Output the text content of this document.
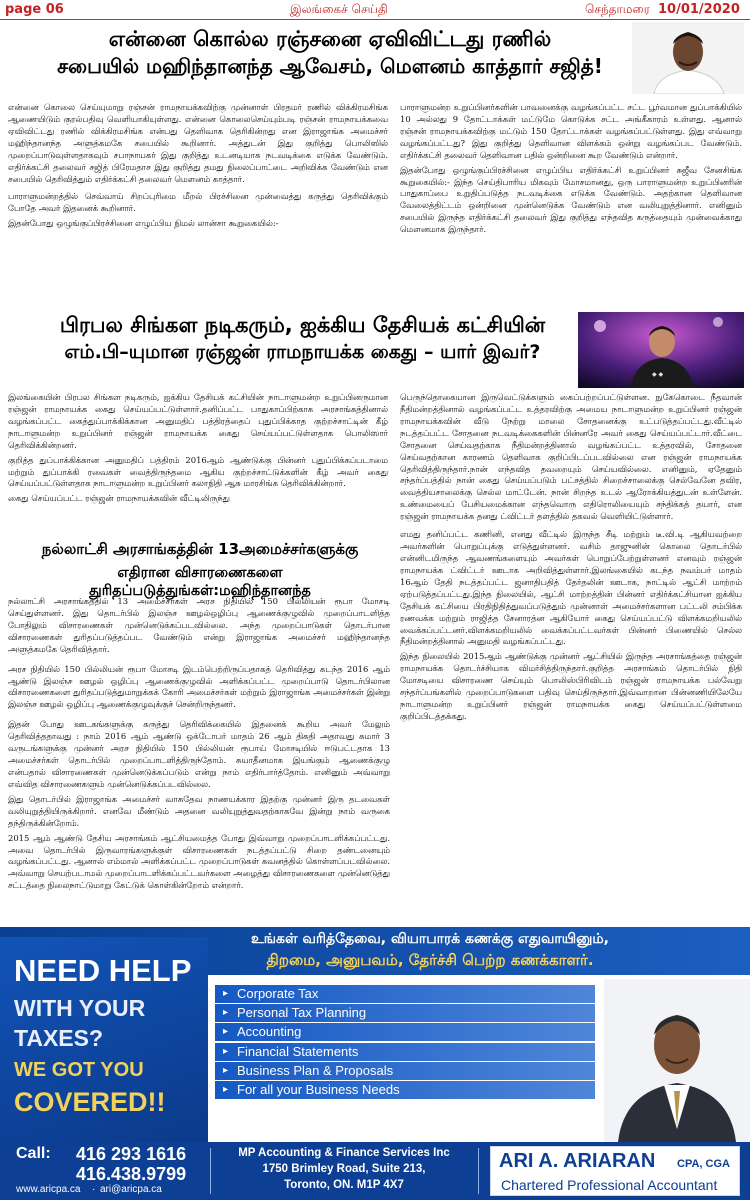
page 06	இலங்கைச் செய்தி	செந்தாமரை 10/01/2020
என்னை கொல்ல ரஞ்சனை ஏவிவிட்டது ரணில்
சபையில் மஹிந்தானந்த ஆவேசம், மௌனம் காத்தார் சஜித்!

என்னை கொலை செய்யுமாறு ரஞ்சன் ராமநாயக்கவிற்கு முன்னாள் பிரதமர் ரணில் விக்கிரமசிங்க ஆணையிடும் குரல்பதிவு வெளியாகியுள்ளது. என்னை கொலைசெய்யும்படி ரஞ்சன் ராமநாயக்கவை ஏவிவிட்டது ரணில் விக்கிரமசிங்க என்பது தெளிவாக தெரிகின்றது என இராஜாங்க அமைச்சர் மஹிந்தானந்த அளுத்கமகே சபையில் கூறினார். அத்துடன் இது குறித்து பொலிஸில் முறைப்பாடுவுள்ளதாகவும் சபாநாயகர் இது குறித்து உடனடியாக நடவடிக்கை எடுக்க வேண்டும். எதிர்க்கட்சி தலைவர் சஜித் பிரேமதாச இது குறித்து தமது நிலைப்பாட்டை அறிவிக்க வேண்டும் என சபையில் தெரிவித்தும் எதிர்க்கட்சி தலைவர் மௌனம் காத்தார்.

பாராளுமன்றத்தில் செவ்வாய் சிறப்புரிமை மீறல் பிரச்சினை முன்வைத்து கருத்து தெரிவிக்கும் போதே அவர் இதனைக் கூறினார்.

இதன்போது ஒழுங்குப்பிரச்சினை எழுப்பிய நிமல் லான்சா கூறுகையில்:-

பாராளுமன்ற உறுப்பினர்களின் பாவனைக்கு வழங்கப்பட்ட சட்ட பூர்வமான துப்பாக்கியில் 10 அல்லது 9 தோட்டாக்கள் மட்டுமே கொடுக்க சட்ட அங்கீகாரம் உள்ளது. ஆனால் ரஞ்சன் ராமநாயக்கவிற்கு மட்டும் 150 தோட்டாக்கள் வழங்கப்பட்டுள்ளது. இது எவ்வாறு வழங்கப்பட்டது? இது குறித்து தெளிவான விளக்கம் ஒன்று வழங்கப்பட வேண்டும். எதிர்க்கட்சி தலைவர் தெளிவான பதில் ஒன்றினை கூற வேண்டும் என்றார்.

இதன்போது ஒழுங்குப்பிரச்சினை எழுப்பிய எதிர்க்கட்சி உறுப்பினர் சுஜீவ சேனசிங்க கூறுகையில்:- இந்த செய்திபாரிய மிகவும் மோசமானது, ஒரு பாராளுமன்ற உறுப்பினரின் பாதுகாப்பை உறுதிப்படுத்த நடவடிக்கை எடுக்க வேண்டும். அதற்கான தெளிவான வேலைத்திட்டம் ஒன்றினை முன்னெடுக்க வேண்டும் என வலியுறுத்தினார். எனினும் சபையில் இருந்த எதிர்க்கட்சி தலைவர் இது குறித்து எந்தவித கருத்தையும் முன்வைக்காது மௌனமாக இருந்தார்.

பிரபல சிங்கள நடிகரும், ஐக்கிய தேசியக் கட்சியின்
எம்.பி–யுமான ரஞ்ஜன் ராமநாயக்க கைது – யார் இவர்?
◆ ◆

இலங்கையின் பிரபல சிங்கள நடிகரும், ஐக்கிய தேசியக் கட்சியின் நாடாளுமன்ற உறுப்பினருமான ரஞ்ஜன் ராமநாயக்க கைது செய்யப்பட்டுள்ளார்.தனிப்பட்ட பாதுகாப்பிற்காக அரசாங்கத்தினால் வழங்கப்பட்ட கைத்துப்பாக்கிக்கான அனுமதிப் பத்திரத்தைப் புதுப்பிக்காத குற்றச்சாட்டின் கீழ் நாடாளுமன்ற உறுப்பினர் ரஞ்ஜன் ராமநாயக்க கைது செய்யப்பட்டுள்ளதாக பொலிஸார் தெரிவிக்கின்றனர்.

குறித்த துப்பாக்கிக்கான அனுமதிப் பத்திரம் 2016ஆம் ஆண்டுக்கு பின்னர் புதுப்பிக்கப்படாமை மற்றும் துப்பாக்கி ரவைகள் வைத்திருந்தமை ஆகிய குற்றச்சாட்டுக்களின் கீழ் அவர் கைது செய்யப்பட்டுள்ளதாக நாடாளுமன்ற உறுப்பினர் கலாநிதி ஆசு மாரசிங்க தெரிவிக்கின்றார்.

கைது செய்யப்பட்ட ரஞ்ஜன் ராமநாயக்கவின் வீட்டிலிருந்து

பெருந்தொகையான இருவெட்டுக்களும் கைப்பற்றப்பட்டுள்ளன. நுகேகொடை நீதவான் நீதிமன்றத்தினால் வழங்கப்பட்ட உத்தரவிற்கு அமைய நாடாளுமன்ற உறுப்பினர் ரஞ்ஜன் ராமநாயக்கவின் வீடு நேற்று மாலை சோதனைக்கு உட்படுத்தப்பட்டது.வீட்டில் நடத்தப்பட்ட சோதனை நடவடிக்கைகளின் பின்னரே அவர் கைது செய்யப்பட்டார்.வீட்டை சோதனை செய்வதற்காக நீதிமன்றத்தினால் வழங்கப்பட்ட உத்தரவில், சோதனை செய்வதற்கான காரணம் தெளிவாக குறிப்பிடப்படவில்லை என ரஞ்ஜன் ராமநாயக்க தெரிவித்திருந்தார்.நான் எந்தவித தவறையும் செய்யவில்லை. எனினும், ஏதேனும் சந்தர்ப்பத்தில் நான் கைது செய்யப்படும் பட்சத்தில் சிறைச்சாலைக்கு செல்வேனே தவிர, வைத்தியசாலைக்கு செல்ல மாட்டேன். நான் சிறந்த உடல் ஆரோக்கியத்துடன் உள்ளேன். உண்மையைப் பேசியமைக்கான எந்தவொரு எதிரொலியையும் சந்திக்கத் தயார், என ரஞ்ஜன் ராமநாயக்க தனது ட்விட்டர் தளத்தில் தகவல் வெளியிட்டுள்ளார்.

எமது தனிப்பட்ட கணினி, எனது வீட்டில் இருந்த சீடி மற்றும் டீ.வி.டி ஆகியவற்றை அவர்களின் பொறுப்புக்கு எடுத்துள்ளனர். வசிம் தாஜுனின் கொலை தொடர்பில் என்னிடமிருந்த ஆவணங்களையும் அவர்கள் பொறுப்பேற்றுள்ளனர் எனவும் ரஞ்ஜன் ராமநாயக்க ட்விட்டர் ஊடாக அறிவித்துள்ளார்.இலங்கையில் கடந்த நவம்பர் மாதம் 16ஆம் தேதி நடத்தப்பட்ட ஜனாதிபதித் தேர்தலின் ஊடாக, நாட்டில் ஆட்சி மாற்றம் ஏற்படுத்தப்பட்டது.இந்த நிலையில், ஆட்சி மாற்றத்தின் பின்னர் எதிர்க்கட்சியான ஐக்கிய தேசியக் கட்சியை பிரதிநிதித்துவப்படுத்தும் முன்னாள் அமைச்சர்களான பட்டலி சம்பிக்க ரணவக்க மற்றும் ராஜித்த சேனாரத்ன ஆகியோர் கைது செய்யப்பட்டு விளக்கமறியலில் வைக்கப்பட்டனர்.விளக்கமறியலில் வைக்கப்பட்டவர்கள் பின்னர் பிணையில் செல்ல நீதிமன்றத்தினால் அனுமதி வழங்கப்பட்டது.

இந்த நிலையில் 2015ஆம் ஆண்டுக்கு முன்னர் ஆட்சியில் இருந்த அரசாங்கத்தை ரஞ்ஜன் ராமநாயக்க தொடர்ச்சியாக விமர்சித்திருந்தார்.குறித்த அரசாங்கம் தொடர்பில் நிதி மோசடியை விசாரணை செய்யும் பொலிஸ்பிரிவிடம் ரஞ்ஜன் ராமநாயக்க பல்வேறு சந்தர்ப்பங்களில் முறைப்பாடுகளை பதிவு செய்திருந்தார்.இவ்வாறான பின்னணியிலேயே நாடாளுமன்ற உறுப்பினர் ரஞ்ஜன் ராமநாயக்க கைது செய்யப்பட்டுள்ளமை குறிப்பிடத்தக்கது.

நல்லாட்சி அரசாங்கத்தின் 13அமைச்சர்களுக்கு
எதிரான விசாரணைகளை துரிதப்படுத்துங்கள்:மஹிந்தானந்த

நல்லாட்சி அரசாங்கத்தில் 13 அமைச்சர்கள் அரச நிதியில் 150 பில்லியன் ரூபா மோசடி செய்துள்ளனர். இது தொடர்பில் இலஞ்ச ஊழல்ஒழிப்பு ஆணைக்குழுவில் முறைப்பாடளித்த போதிலும் விசாரணைகள் முன்னெடுக்கப்படவில்லை. அந்த முறைப்பாடுகள் தொடர்பான விசாரணைகள் துரிதப்படுத்தப்பட வேண்டும் என்று இராஜாங்க அமைச்சர் மஹிந்தானந்த அளுத்கமகே தெரிவித்தார்.

அரச நிதியில் 150 பில்லியன் ரூபா மோசடி இடம்பெற்றிருப்பதாகத் தெரிவித்து கடந்த 2016 ஆம் ஆண்டு இலஞ்ச ஊழல் ஒழிப்பு ஆணைக்குழுவில் அளிக்கப்பட்ட முறைப்பாடு தொடர்பிலான விசாரணைகளை துரிதப்படுத்துமாறுக்கக் கோரி அமைச்சர்கள் மற்றும் இராஜாங்க அமைச்சர்கள் இன்று இலஞ்ச ஊழல் ஒழிப்பு ஆணைக்குழுவுக்குச் சென்றிருந்தனர்.

இதன் போது ஊடகங்களுக்கு கருத்து தெரிவிக்கையில் இதனைக் கூறிய அவர் மேலும் தெரிவித்ததாவது : நாம் 2016 ஆம் ஆண்டு ஒக்டோபர் மாதம் 26 ஆம் திகதி அதாவது சுமார் 3 வருடங்களுக்கு முன்னர் அரச நிதியில் 150 பில்லியன் ரூபாய் மோசடியில் ஈடுபட்டதாக 13 அமைச்சர்கள் தொடர்பில் முறைப்பாடளித்திருந்தோம். சுயாதீனமாக இயங்கும் ஆணைக்குழு என்பதால் விசாரணைகள் முன்னெடுக்கப்படும் என்று நாம் எதிர்பார்த்தோம். எனினும் அவ்வாறு எவ்வித விசாரணைகளும் முன்னெடுக்கப்படவில்லை.

இது தொடர்பில் இராஜாங்க அமைச்சர் வாசுதேவ நாணயக்கார இதற்கு முன்னர் இரு தடவைகள் வலியுறுத்தியிருக்கிறார். எனவே மீண்டும் அதனை வலியுறுத்துவதற்காகவே இன்று நாம் வருகை தந்திருக்கின்றோம்.

2015 ஆம் ஆண்டு தேசிய அரசாங்கம் ஆட்சியமைத்த போது இவ்வாறு முறைப்பாடளிக்கப்பட்டது. அவை தொடர்பில் இருவாரங்களுக்குள் விசாரணைகள் நடத்தப்பட்டு சிறை தண்டனையும் வழங்கப்பட்டது. ஆனால் எம்மால் அளிக்கப்பட்ட முறைப்பாடுகள் கவனத்தில் கொள்ளப்படவில்லை. அவ்வாறு செயற்படாமல் முறைப்பாடளிக்கப்பட்டவர்களை அழைத்து விசாரணைகளை முன்னெடுத்து சட்டத்தை நிலைநாட்டுமாறு கேட்டுக் கொள்கின்றோம் என்றார்.

உங்கள் வரித்தேவை, வியாபாரக் கணக்கு எதுவாயினும்,
திறமை, அனுபவம், தேர்ச்சி பெற்ற கணக்காளர்.
NEED HELP
WITH YOUR
TAXES?
WE GOT YOU
COVERED!!
▸ Corporate Tax
▸ Personal Tax Planning
▸ Accounting
▸ Financial Statements
▸ Business Plan & Proposals
▸ For all your Business Needs
Call: 416 293 1616
416.438.9799
www.aricpa.ca · ari@aricpa.ca
MP Accounting & Finance Services Inc
1750 Brimley Road, Suite 213,
Toronto, ON. M1P 4X7
ARI A. ARIARAN CPA, CGA
Chartered Professional Accountant
